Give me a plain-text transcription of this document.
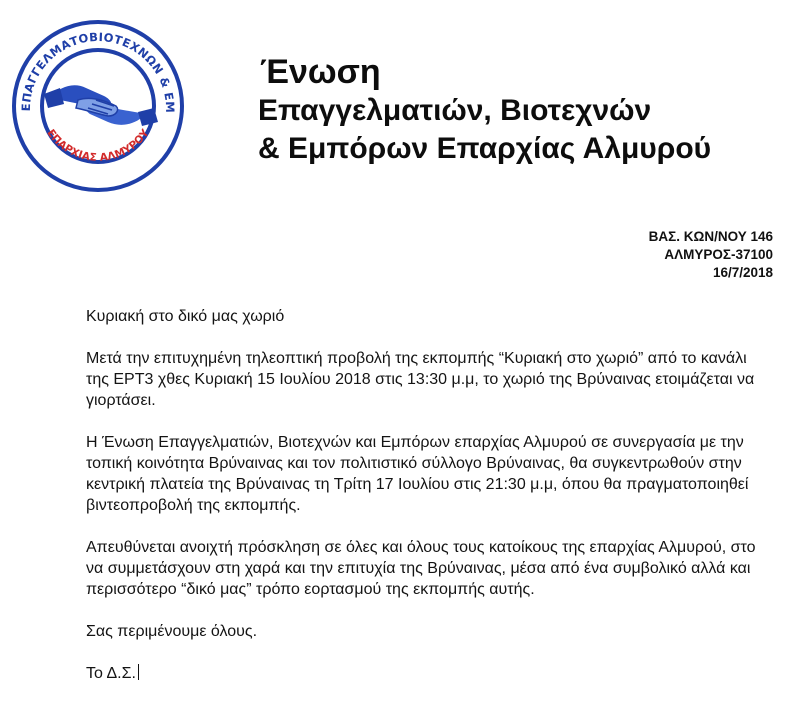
ΕΠΑΓΓΕΛΜΑΤΟΒΙΟΤΕΧΝΩΝ & ΕΜ
ΕΠΑΡΧΙΑΣ ΑΛΜΥΡΟΥ
Ένωση
Επαγγελματιών, Βιοτεχνών
& Εμπόρων Επαρχίας Αλμυρού
ΒΑΣ. ΚΩΝ/ΝΟΥ 146
ΑΛΜΥΡΟΣ-37100
16/7/2018

Κυριακή στο δικό μας χωριό

Μετά την επιτυχημένη τηλεοπτική προβολή της εκπομπής “Κυριακή στο χωριό” από το κανάλι της ΕΡΤ3 χθες Κυριακή 15 Ιουλίου 2018 στις 13:30 μ.μ, το χωριό της Βρύναινας ετοιμάζεται να γιορτάσει.

Η Ένωση Επαγγελματιών, Βιοτεχνών και Εμπόρων επαρχίας Αλμυρού σε συνεργασία με την τοπική κοινότητα Βρύναινας και τον πολιτιστικό σύλλογο Βρύναινας, θα συγκεντρωθούν στην κεντρική πλατεία της Βρύναινας τη Τρίτη 17 Ιουλίου στις 21:30 μ.μ, όπου θα πραγματοποιηθεί βιντεοπροβολή της εκπομπής.

Απευθύνεται ανοιχτή πρόσκληση σε όλες και όλους τους κατοίκους της επαρχίας Αλμυρού, στο να συμμετάσχουν στη χαρά και την επιτυχία της Βρύναινας, μέσα από ένα συμβολικό αλλά και περισσότερο “δικό μας” τρόπο εορτασμού της εκπομπής αυτής.

Σας περιμένουμε όλους.

Το Δ.Σ.
